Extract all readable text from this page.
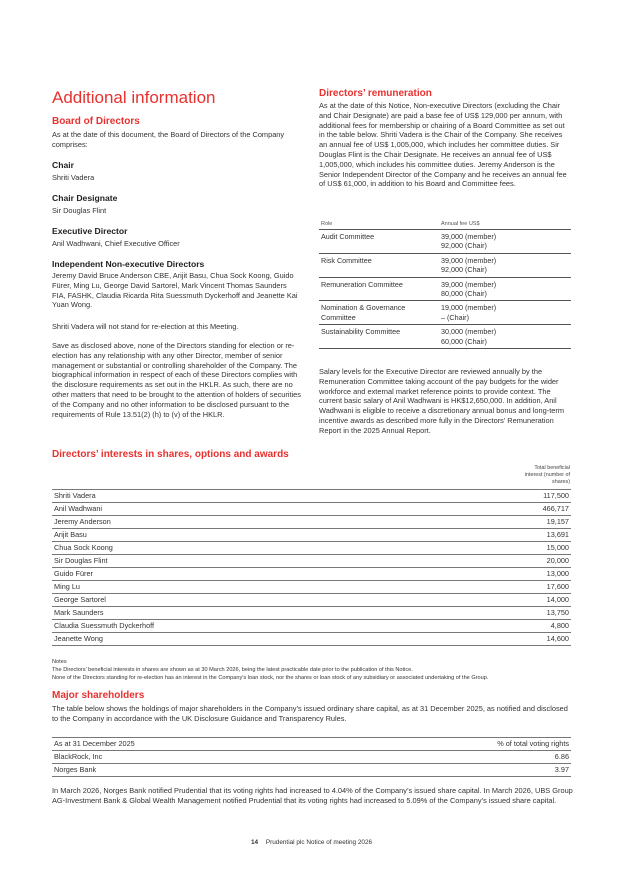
Additional information
Board of Directors
As at the date of this document, the Board of Directors of the Company comprises:
Chair
Shriti Vadera
Chair Designate
Sir Douglas Flint
Executive Director
Anil Wadhwani, Chief Executive Officer
Independent Non-executive Directors
Jeremy David Bruce Anderson CBE, Arijit Basu, Chua Sock Koong, Guido Fürer, Ming Lu, George David Sartorel, Mark Vincent Thomas Saunders FIA, FASHK, Claudia Ricarda Rita Suessmuth Dyckerhoff and Jeanette Kai Yuan Wong.
Shriti Vadera will not stand for re-election at this Meeting.
Save as disclosed above, none of the Directors standing for election or re-election has any relationship with any other Director, member of senior management or substantial or controlling shareholder of the Company. The biographical information in respect of each of these Directors complies with the disclosure requirements as set out in the HKLR. As such, there are no other matters that need to be brought to the attention of holders of securities of the Company and no other information to be disclosed pursuant to the requirements of Rule 13.51(2) (h) to (v) of the HKLR.
Directors’ remuneration
As at the date of this Notice, Non-executive Directors (excluding the Chair and Chair Designate) are paid a base fee of US$ 129,000 per annum, with additional fees for membership or chairing of a Board Committee as set out in the table below. Shriti Vadera is the Chair of the Company. She receives an annual fee of US$ 1,005,000, which includes her committee duties. Sir Douglas Flint is the Chair Designate. He receives an annual fee of US$ 1,005,000, which includes his committee duties. Jeremy Anderson is the Senior Independent Director of the Company and he receives an annual fee of US$ 61,000, in addition to his Board and Committee fees.
Role	Annual fee US$
Audit Committee	39,000 (member)
92,000 (Chair)

Risk Committee	39,000 (member)
92,000 (Chair)

Remuneration Committee	39,000 (member)
80,000 (Chair)

Nomination & Governance Committee	19,000 (member)
– (Chair)

Sustainability Committee	30,000 (member)
60,000 (Chair)
Salary levels for the Executive Director are reviewed annually by the Remuneration Committee taking account of the pay budgets for the wider workforce and external market reference points to provide context. The current basic salary of Anil Wadhwani is HK$12,650,000. In addition, Anil Wadhwani is eligible to receive a discretionary annual bonus and long-term incentive awards as described more fully in the Directors’ Remuneration Report in the 2025 Annual Report.
Directors’ interests in shares, options and awards
Total beneficial
interest (number of
shares)
Shriti Vadera	117,500
Anil Wadhwani	466,717
Jeremy Anderson	19,157
Arijit Basu	13,691
Chua Sock Koong	15,000
Sir Douglas Flint	20,000
Guido Fürer	13,000
Ming Lu	17,600
George Sartorel	14,000
Mark Saunders	13,750
Claudia Suessmuth Dyckerhoff	4,800
Jeanette Wong	14,600
Notes
The Directors’ beneficial interests in shares are shown as at 30 March 2026, being the latest practicable date prior to the publication of this Notice.
None of the Directors standing for re-election has an interest in the Company’s loan stock, nor the shares or loan stock of any subsidiary or associated undertaking of the Group.
Major shareholders
The table below shows the holdings of major shareholders in the Company’s issued ordinary share capital, as at 31 December 2025, as notified and disclosed to the Company in accordance with the UK Disclosure Guidance and Transparency Rules.
As at 31 December 2025	% of total voting rights
BlackRock, Inc	6.86
Norges Bank	3.97
In March 2026, Norges Bank notified Prudential that its voting rights had increased to 4.04% of the Company’s issued share capital. In March 2026, UBS Group AG-Investment Bank & Global Wealth Management notified Prudential that its voting rights had increased to 5.09% of the Company’s issued share capital.
14 Prudential plc Notice of meeting 2026
